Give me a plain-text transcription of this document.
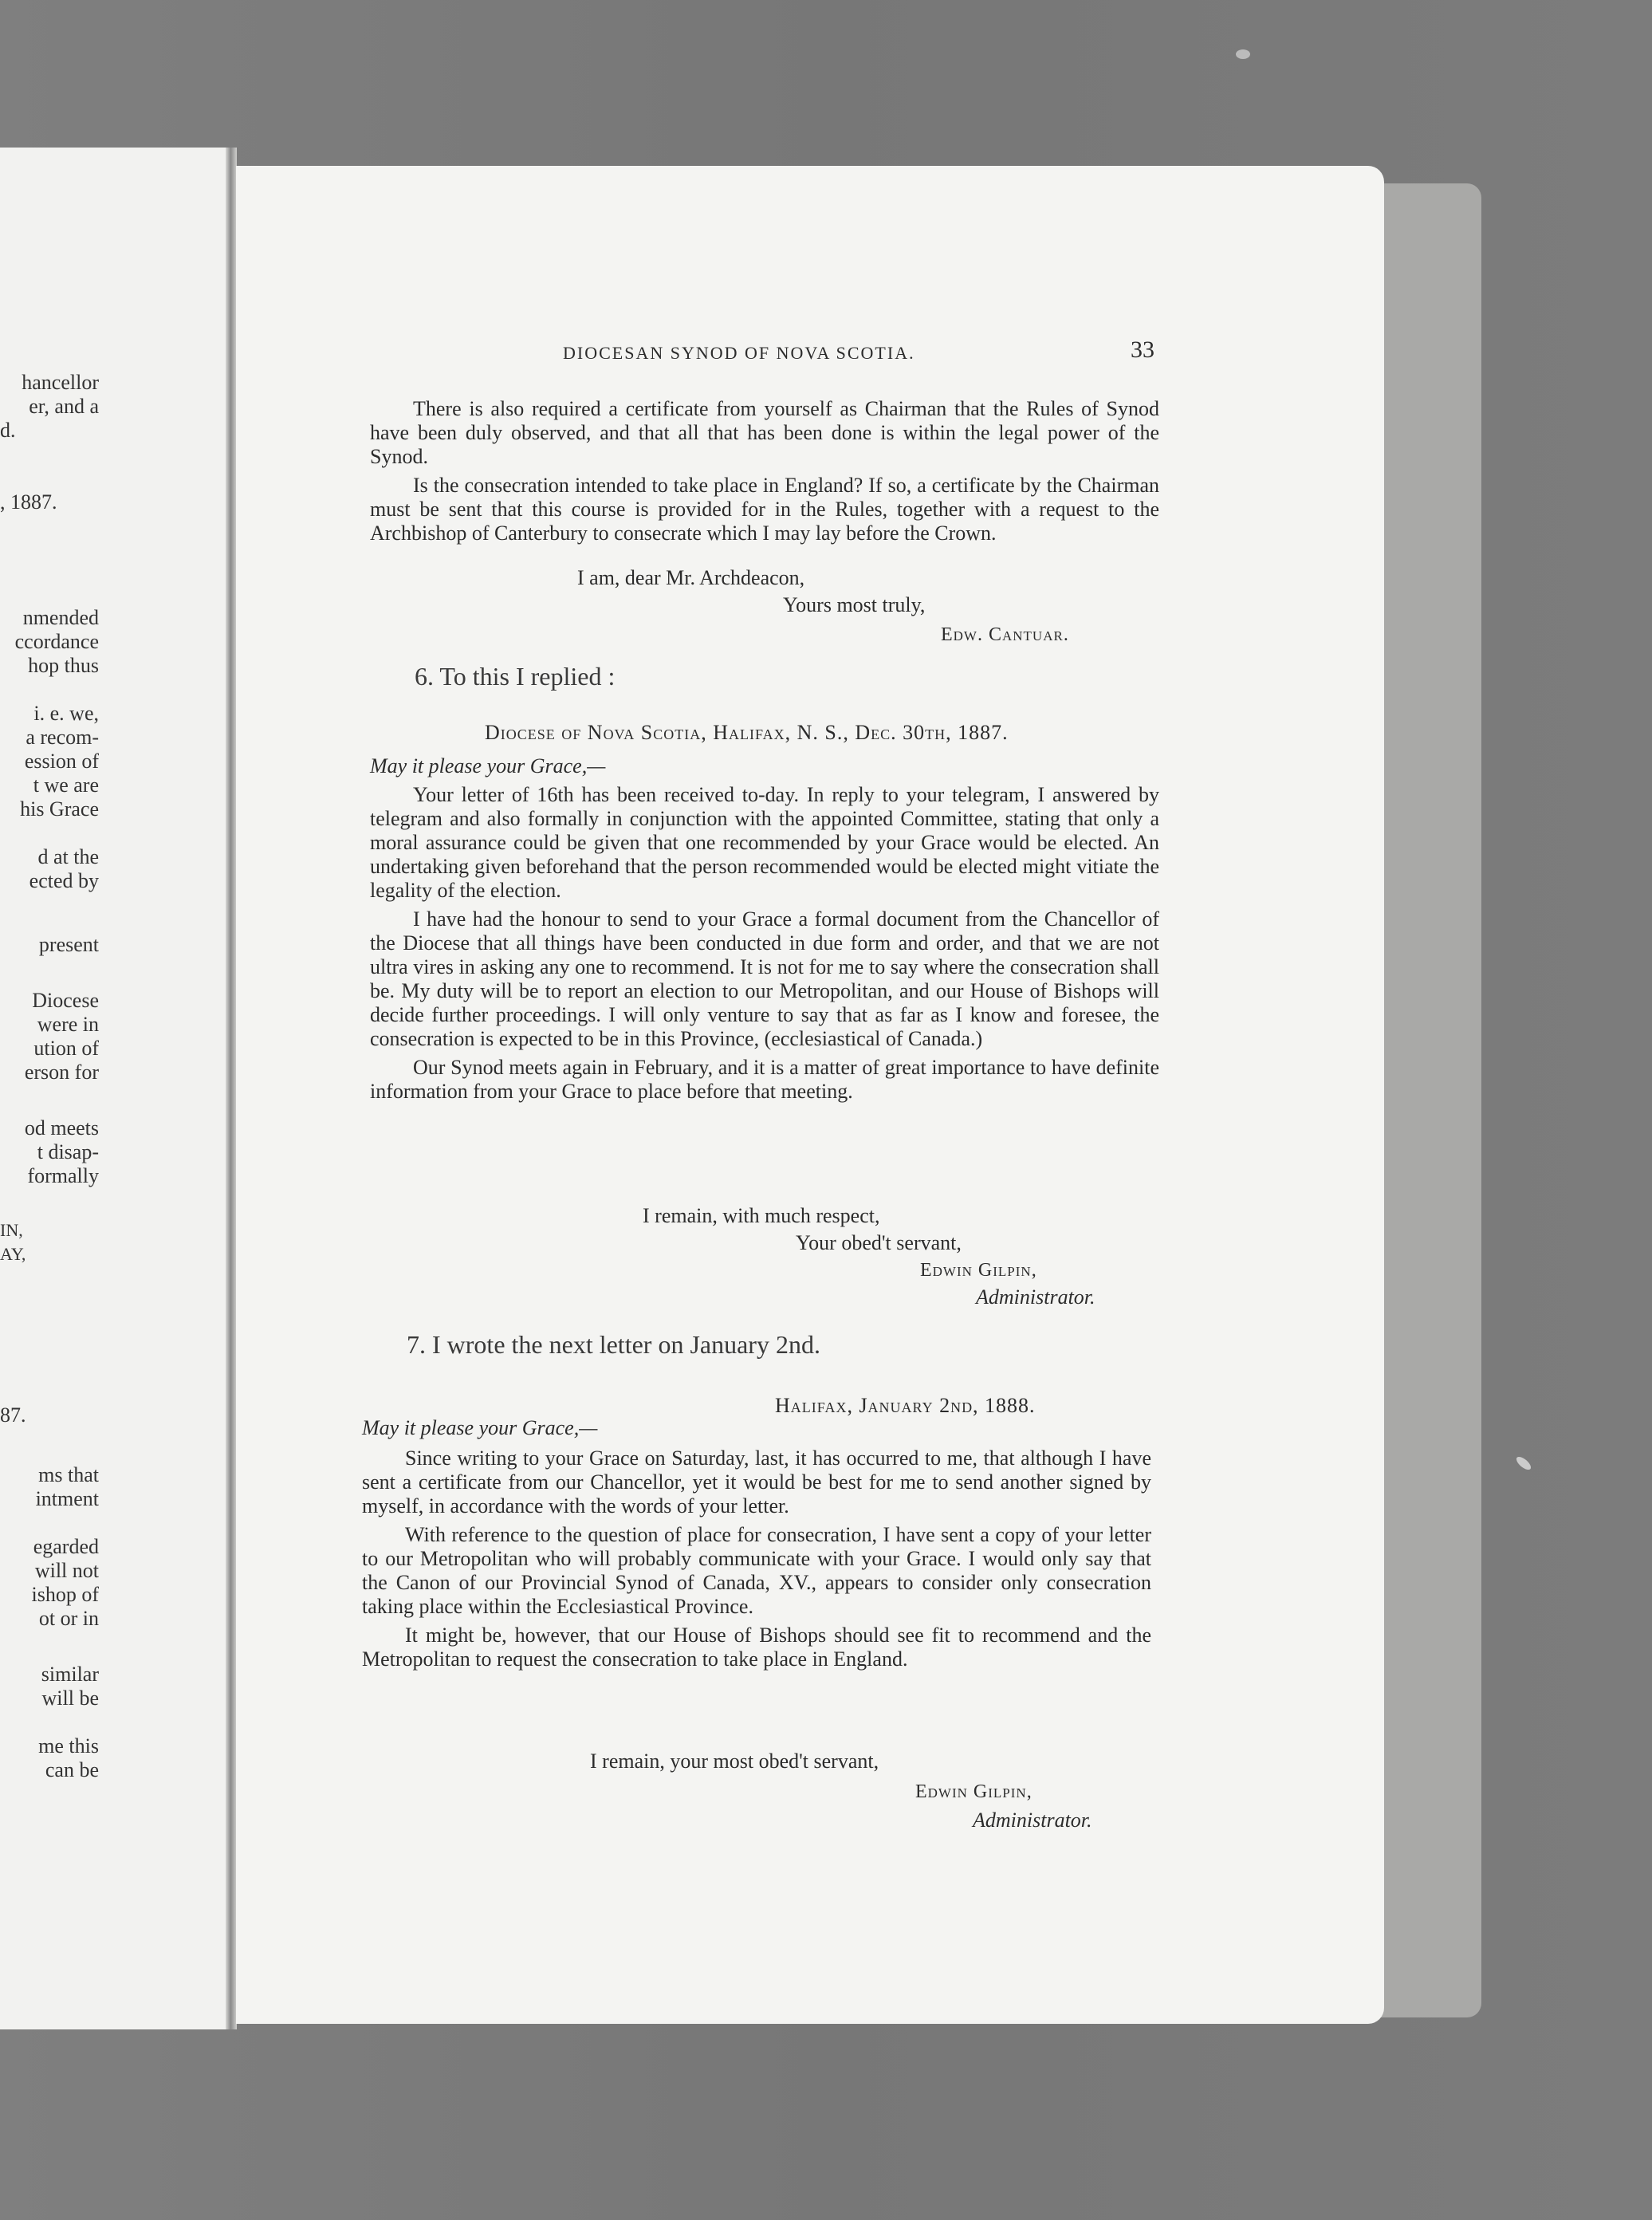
hancellor
er, and a
d.
, 1887.
nmended
ccordance
hop thus
i. e. we,
a recom-
ession of
t we are
his Grace
d at the
ected by
present
Diocese
were in
ution of
erson for
od meets
t disap-
formally
IN,
AY,
87.
ms that
intment
egarded
will not
ishop of
ot or in
similar
will be
me this
can be
DIOCESAN SYNOD OF NOVA SCOTIA.	33

There is also required a certificate from yourself as Chairman that the Rules of Synod have been duly observed, and that all that has been done is within the legal power of the Synod.

Is the consecration intended to take place in England? If so, a certificate by the Chairman must be sent that this course is provided for in the Rules, together with a request to the Archbishop of Canterbury to consecrate which I may lay before the Crown.

I am, dear Mr. Archdeacon,
Yours most truly,
Edw. Cantuar.
6. To this I replied :
Diocese of Nova Scotia, Halifax, N. S., Dec. 30th, 1887.
May it please your Grace,—

Your letter of 16th has been received to-day. In reply to your telegram, I answered by telegram and also formally in conjunction with the appointed Committee, stating that only a moral assurance could be given that one recommended by your Grace would be elected. An undertaking given beforehand that the person recommended would be elected might vitiate the legality of the election.

I have had the honour to send to your Grace a formal document from the Chancellor of the Diocese that all things have been conducted in due form and order, and that we are not ultra vires in asking any one to recommend. It is not for me to say where the consecration shall be. My duty will be to report an election to our Metropolitan, and our House of Bishops will decide further proceedings. I will only venture to say that as far as I know and foresee, the consecration is expected to be in this Province, (ecclesiastical of Canada.)

Our Synod meets again in February, and it is a matter of great importance to have definite information from your Grace to place before that meeting.

I remain, with much respect,
Your obed't servant,
Edwin Gilpin,
Administrator.
7. I wrote the next letter on January 2nd.
Halifax, January 2nd, 1888.
May it please your Grace,—

Since writing to your Grace on Saturday, last, it has occurred to me, that although I have sent a certificate from our Chancellor, yet it would be best for me to send another signed by myself, in accordance with the words of your letter.

With reference to the question of place for consecration, I have sent a copy of your letter to our Metropolitan who will probably communicate with your Grace. I would only say that the Canon of our Provincial Synod of Canada, XV., appears to consider only consecration taking place within the Ecclesiastical Province.

It might be, however, that our House of Bishops should see fit to recommend and the Metropolitan to request the consecration to take place in England.

I remain, your most obed't servant,
Edwin Gilpin,
Administrator.
